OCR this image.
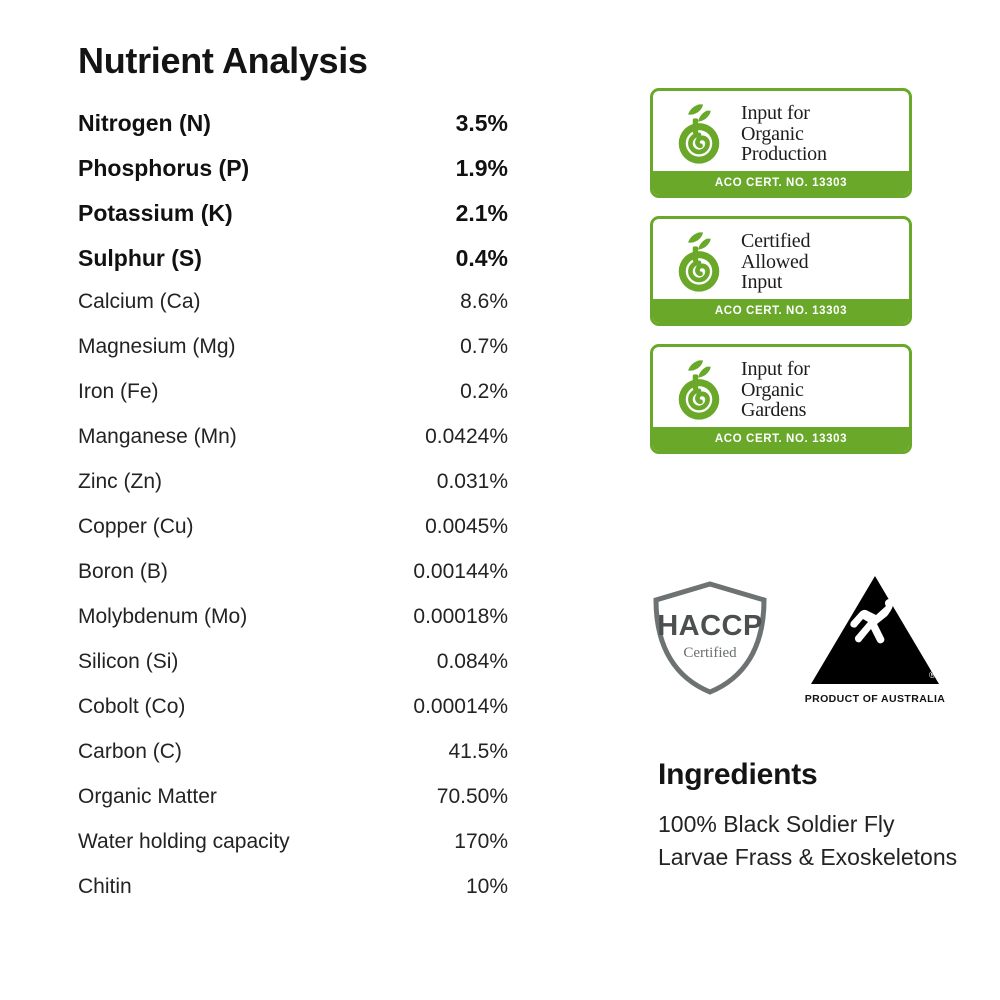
Nutrient Analysis
Nitrogen (N)	3.5%
Phosphorus (P)	1.9%
Potassium (K)	2.1%
Sulphur (S)	0.4%
Calcium (Ca)	8.6%
Magnesium (Mg)	0.7%
Iron (Fe)	0.2%
Manganese (Mn)	0.0424%
Zinc (Zn)	0.031%
Copper (Cu)	0.0045%
Boron (B)	0.00144%
Molybdenum (Mo)	0.00018%
Silicon (Si)	0.084%
Cobolt (Co)	0.00014%
Carbon (C)	41.5%
Organic Matter	70.50%
Water holding capacity	170%
Chitin	10%
Input for
Organic
Production
ACO CERT. NO. 13303
Certified
Allowed
Input
ACO CERT. NO. 13303
Input for
Organic
Gardens
ACO CERT. NO. 13303
HACCP
Certified
®
PRODUCT OF AUSTRALIA
Ingredients

100% Black Soldier Fly Larvae Frass & Exoskeletons
